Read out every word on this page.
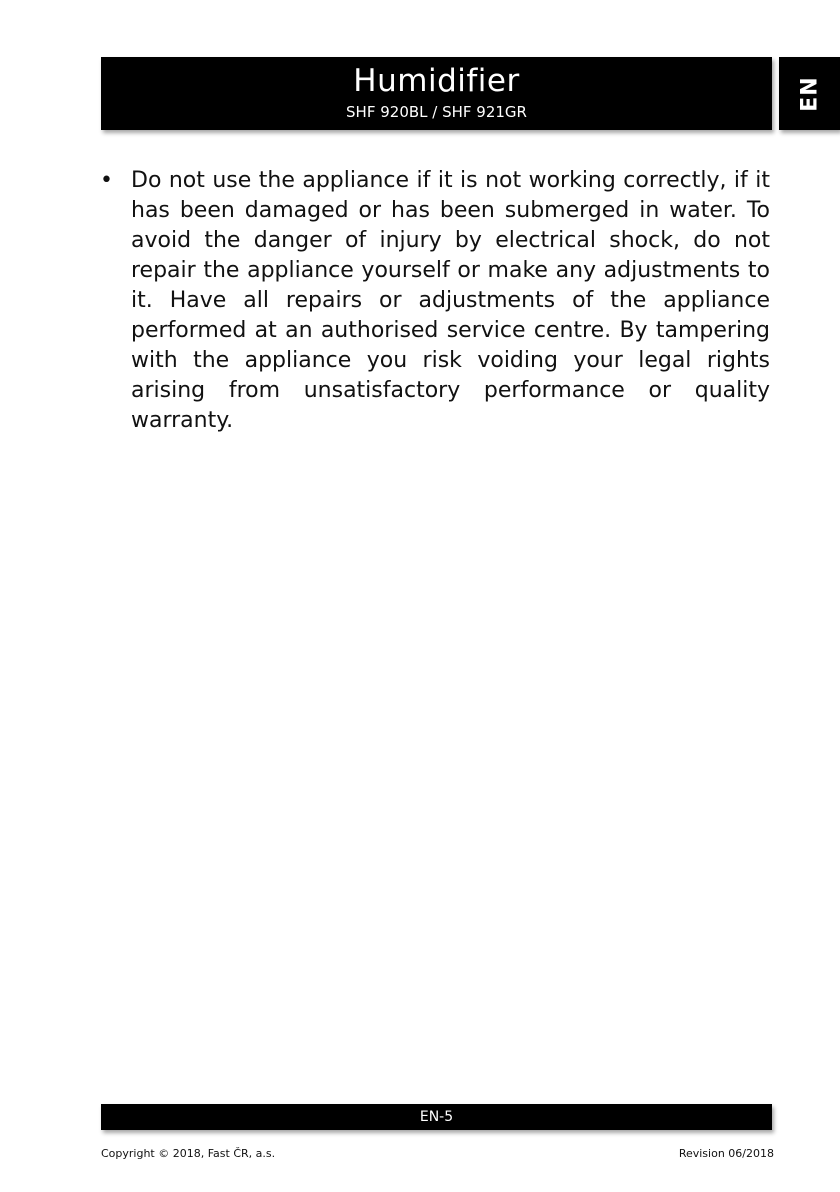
Humidifier
SHF 920BL / SHF 921GR
EN
• Do not use the appliance if it is not working correctly, if it has been damaged or has been submerged in water. To avoid the danger of injury by electrical shock, do not repair the appliance yourself or make any adjustments to it. Have all repairs or adjustments of the appliance performed at an authorised service centre. By tampering with the appliance you risk voiding your legal rights arising from unsatisfactory performance or quality warranty.
EN-5
Copyright © 2018, Fast ČR, a.s.	Revision 06/2018
